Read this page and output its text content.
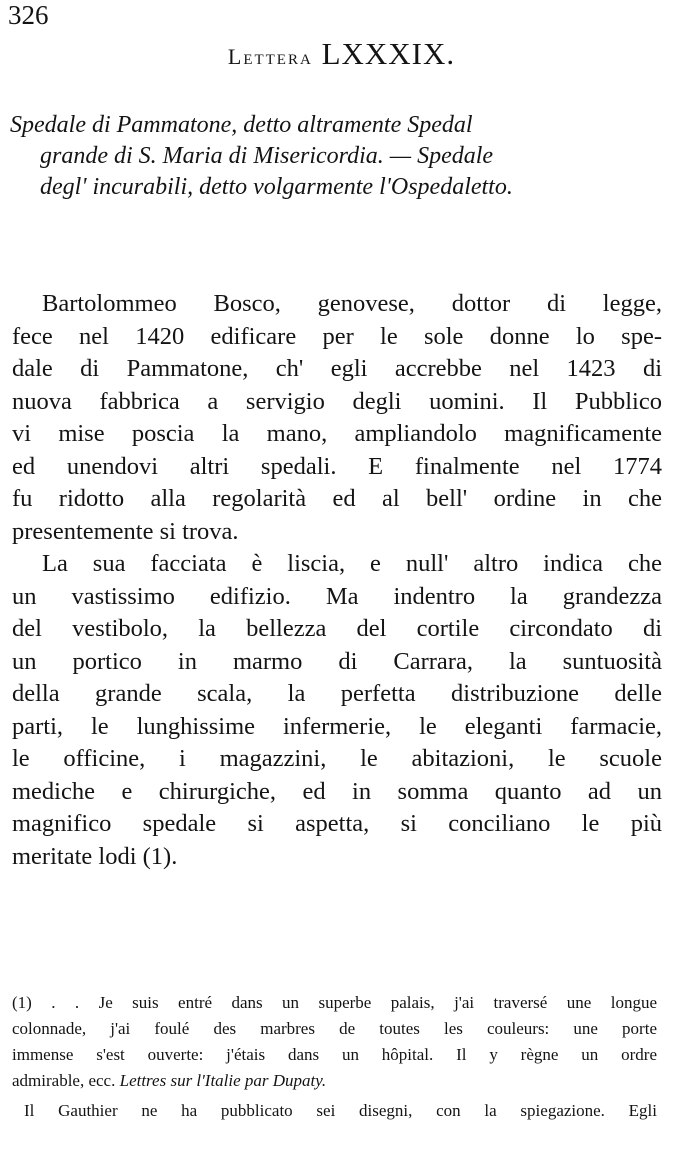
326
Lettera LXXXIX.
Spedale di Pammatone, detto altramente Spedal
grande di S. Maria di Misericordia. — Spedale
degl' incurabili, detto volgarmente l'Ospedaletto.
Bartolommeo Bosco, genovese, dottor di legge,
fece nel 1420 edificare per le sole donne lo spe-
dale di Pammatone, ch' egli accrebbe nel 1423 di
nuova fabbrica a servigio degli uomini. Il Pubblico
vi mise poscia la mano, ampliandolo magnificamente
ed unendovi altri spedali. E finalmente nel 1774
fu ridotto alla regolarità ed al bell' ordine in che
presentemente si trova.
La sua facciata è liscia, e null' altro indica che
un vastissimo edifizio. Ma indentro la grandezza
del vestibolo, la bellezza del cortile circondato di
un portico in marmo di Carrara, la suntuosità
della grande scala, la perfetta distribuzione delle
parti, le lunghissime infermerie, le eleganti farmacie,
le officine, i magazzini, le abitazioni, le scuole
mediche e chirurgiche, ed in somma quanto ad un
magnifico spedale si aspetta, si conciliano le più
meritate lodi (1).
(1) . . Je suis entré dans un superbe palais, j'ai traversé une longue
colonnade, j'ai foulé des marbres de toutes les couleurs: une porte
immense s'est ouverte: j'étais dans un hôpital. Il y règne un ordre
admirable, ecc. Lettres sur l'Italie par Dupaty.
Il Gauthier ne ha pubblicato sei disegni, con la spiegazione. Egli
